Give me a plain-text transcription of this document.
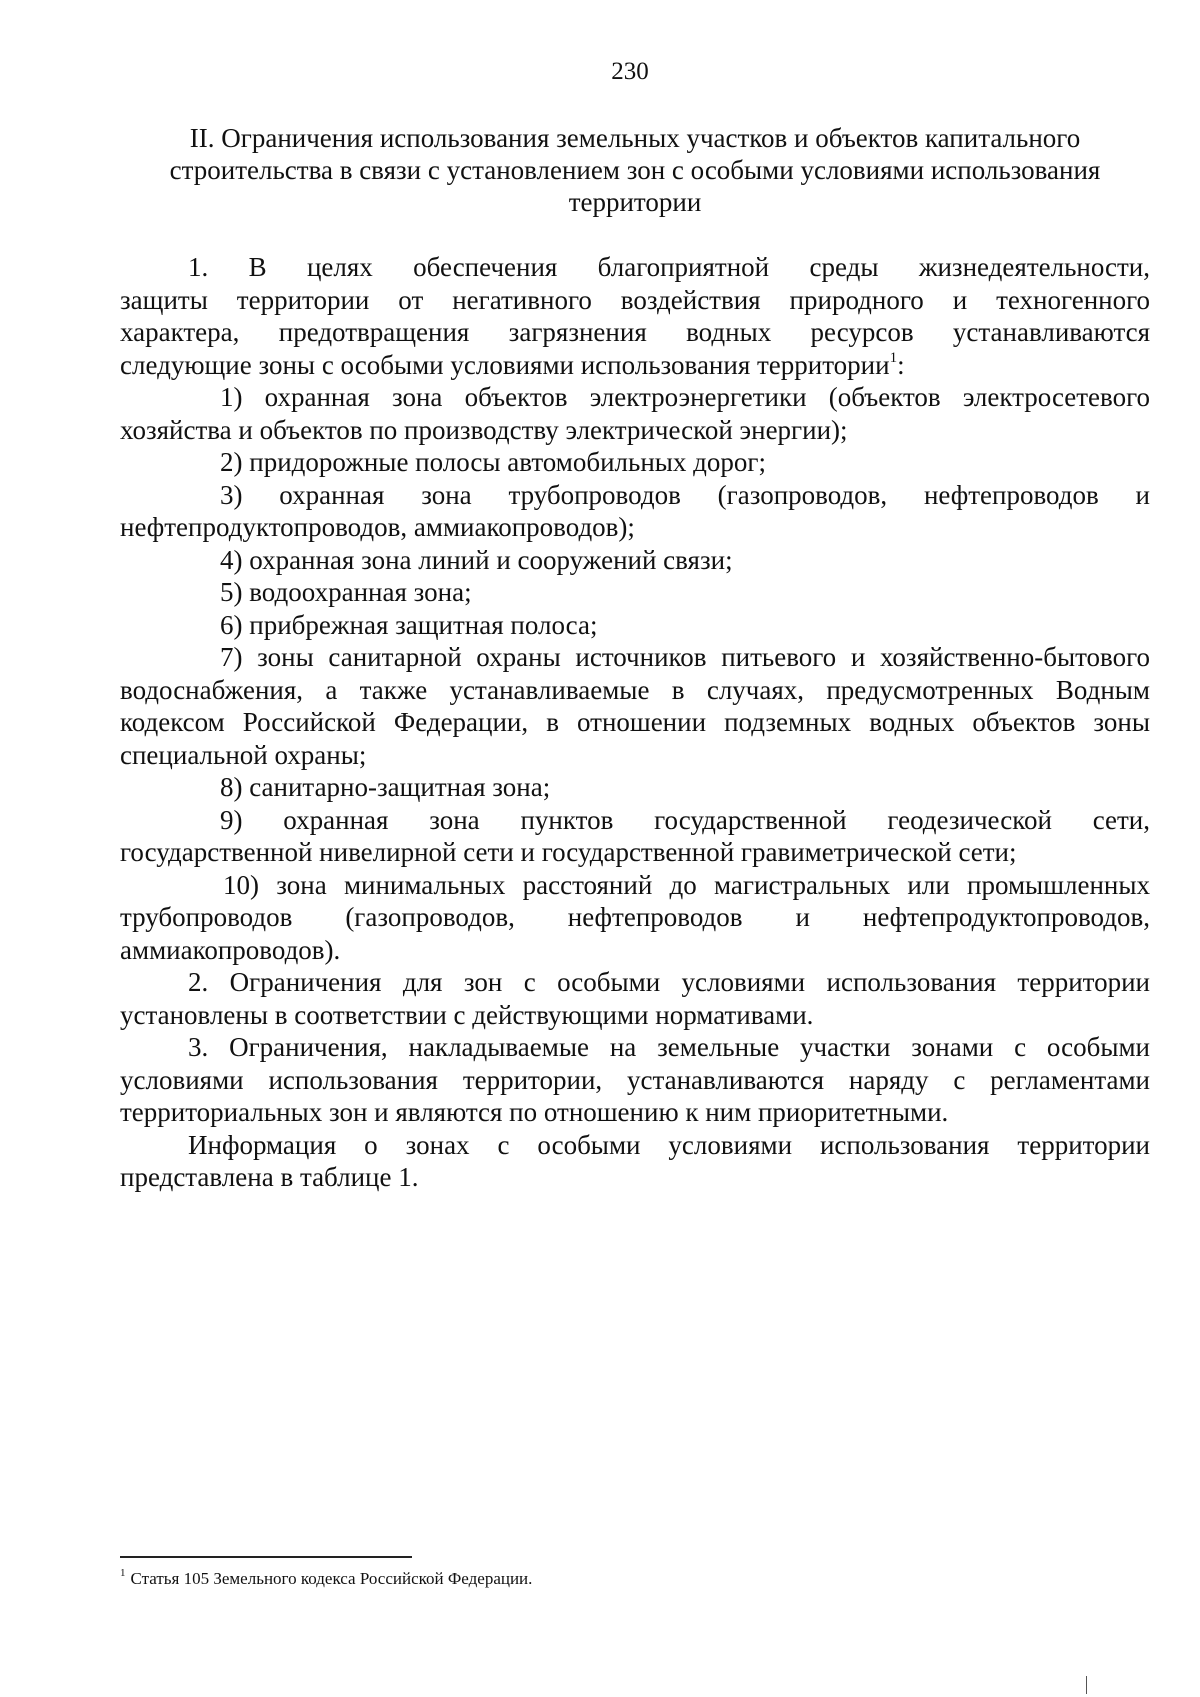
230
II. Ограничения использования земельных участков и объектов капитального
строительства в связи с установлением зон с особыми условиями использования
территории

1. В целях обеспечения благоприятной среды жизнедеятельности,

защиты территории от негативного воздействия природного и техногенного

характера, предотвращения загрязнения водных ресурсов устанавливаются

следующие зоны с особыми условиями использования территории$^1$:

1) охранная зона объектов электроэнергетики (объектов электросетевого

хозяйства и объектов по производству электрической энергии);

2) придорожные полосы автомобильных дорог;

3) охранная зона трубопроводов (газопроводов, нефтепроводов и

нефтепродуктопроводов, аммиакопроводов);

4) охранная зона линий и сооружений связи;

5) водоохранная зона;

6) прибрежная защитная полоса;

7) зоны санитарной охраны источников питьевого и хозяйственно-бытового

водоснабжения, а также устанавливаемые в случаях, предусмотренных Водным

кодексом Российской Федерации, в отношении подземных водных объектов зоны

специальной охраны;

8) санитарно-защитная зона;

9) охранная зона пунктов государственной геодезической сети,

государственной нивелирной сети и государственной гравиметрической сети;

10) зона минимальных расстояний до магистральных или промышленных

трубопроводов (газопроводов, нефтепроводов и нефтепродуктопроводов,

аммиакопроводов).

2. Ограничения для зон с особыми условиями использования территории

установлены в соответствии с действующими нормативами.

3. Ограничения, накладываемые на земельные участки зонами с особыми

условиями использования территории, устанавливаются наряду с регламентами

территориальных зон и являются по отношению к ним приоритетными.

Информация о зонах с особыми условиями использования территории

представлена в таблице 1.

$^1$ Статья 105 Земельного кодекса Российской Федерации.
